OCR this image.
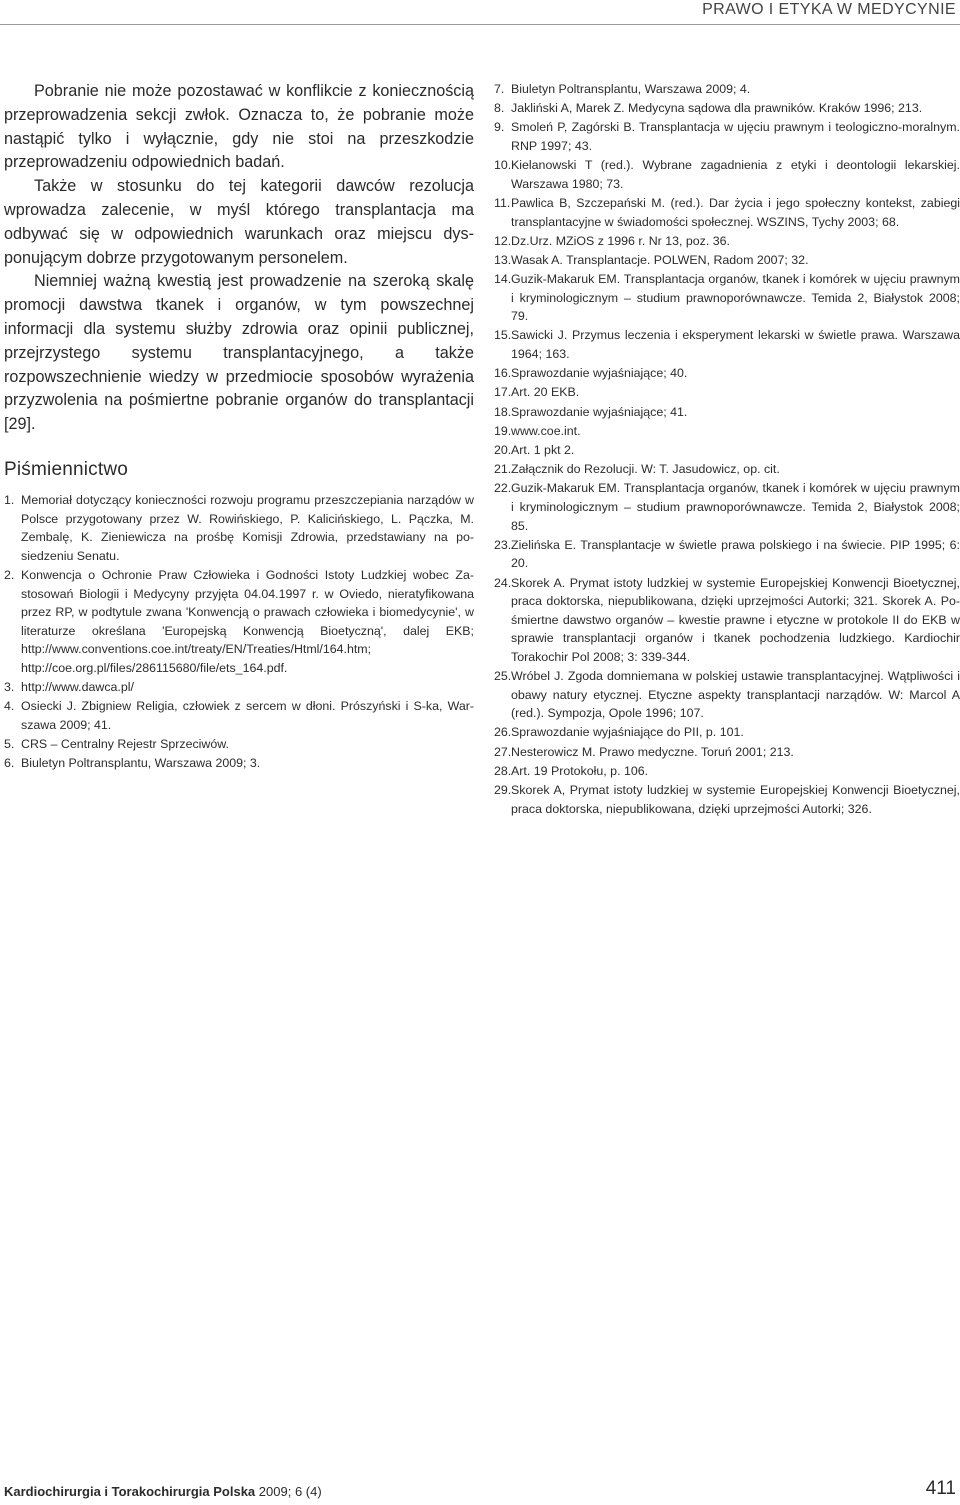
PRAWO I ETYKA W MEDYCYNIE

Pobranie nie może pozostawać w konflikcie z koniecznością przeprowadzenia sekcji zwłok. Oznacza to, że pobranie może nastąpić tylko i wyłącznie, gdy nie stoi na przeszkodzie przeprowadzeniu odpowiednich badań.

Także w stosunku do tej kategorii dawców rezolucja wprowadza zalecenie, w myśl którego transplantacja ma odbywać się w odpowiednich warunkach oraz miejscu dysponującym dobrze przygotowanym personelem.

Niemniej ważną kwestią jest prowadzenie na szeroką skalę promocji dawstwa tkanek i organów, w tym powszechnej informacji dla systemu służby zdrowia oraz opinii publicznej, przejrzystego systemu transplantacyjnego, a także rozpowszechnienie wiedzy w przedmiocie sposobów wyrażenia przyzwolenia na pośmiertne pobranie organów do transplantacji [29].

Piśmiennictwo
1. Memoriał dotyczący konieczności rozwoju programu przeszczepiania narządów w Polsce przygotowany przez W. Rowińskiego, P. Kalicińskiego, L. Pączka, M. Zembalę, K. Zieniewicza na prośbę Komisji Zdrowia, przedstawiany na posiedzeniu Senatu.
2. Konwencja o Ochronie Praw Człowieka i Godności Istoty Ludzkiej wobec Zastosowań Biologii i Medycyny przyjęta 04.04.1997 r. w Oviedo, nieratyfikowana przez RP, w podtytule zwana 'Konwencją o prawach człowieka i biomedycynie', w literaturze określana 'Europejską Konwencją Bioetyczną', dalej EKB; http://www.conventions.coe.int/treaty/EN/Treaties/Html/164.htm; http://coe.org.pl/files/286115680/file/ets_164.pdf.
3. http://www.dawca.pl/
4. Osiecki J. Zbigniew Religia, człowiek z sercem w dłoni. Prószyński i S-ka, Warszawa 2009; 41.
5. CRS – Centralny Rejestr Sprzeciwów.
6. Biuletyn Poltransplantu, Warszawa 2009; 3.
7. Biuletyn Poltransplantu, Warszawa 2009; 4.
8. Jakliński A, Marek Z. Medycyna sądowa dla prawników. Kraków 1996; 213.
9. Smoleń P, Zagórski B. Transplantacja w ujęciu prawnym i teologiczno-moralnym. RNP 1997; 43.
10. Kielanowski T (red.). Wybrane zagadnienia z etyki i deontologii lekarskiej. Warszawa 1980; 73.
11. Pawlica B, Szczepański M. (red.). Dar życia i jego społeczny kontekst, zabiegi transplantacyjne w świadomości społecznej. WSZINS, Tychy 2003; 68.
12. Dz.Urz. MZiOS z 1996 r. Nr 13, poz. 36.
13. Wasak A. Transplantacje. POLWEN, Radom 2007; 32.
14. Guzik-Makaruk EM. Transplantacja organów, tkanek i komórek w ujęciu prawnym i kryminologicznym – studium prawnoporównawcze. Temida 2, Białystok 2008; 79.
15. Sawicki J. Przymus leczenia i eksperyment lekarski w świetle prawa. Warszawa 1964; 163.
16. Sprawozdanie wyjaśniające; 40.
17. Art. 20 EKB.
18. Sprawozdanie wyjaśniające; 41.
19. www.coe.int.
20. Art. 1 pkt 2.
21. Załącznik do Rezolucji. W: T. Jasudowicz, op. cit.
22. Guzik-Makaruk EM. Transplantacja organów, tkanek i komórek w ujęciu prawnym i kryminologicznym – studium prawnoporównawcze. Temida 2, Białystok 2008; 85.
23. Zielińska E. Transplantacje w świetle prawa polskiego i na świecie. PIP 1995; 6: 20.
24. Skorek A. Prymat istoty ludzkiej w systemie Europejskiej Konwencji Bioetycznej, praca doktorska, niepublikowana, dzięki uprzejmości Autorki; 321. Skorek A. Pośmiertne dawstwo organów – kwestie prawne i etyczne w protokole II do EKB w sprawie transplantacji organów i tkanek pochodzenia ludzkiego. Kardiochir Torakochir Pol 2008; 3: 339-344.
25. Wróbel J. Zgoda domniemana w polskiej ustawie transplantacyjnej. Wątpliwości i obawy natury etycznej. Etyczne aspekty transplantacji narządów. W: Marcol A (red.). Sympozja, Opole 1996; 107.
26. Sprawozdanie wyjaśniające do PII, p. 101.
27. Nesterowicz M. Prawo medyczne. Toruń 2001; 213.
28. Art. 19 Protokołu, p. 106.
29. Skorek A, Prymat istoty ludzkiej w systemie Europejskiej Konwencji Bioetycznej, praca doktorska, niepublikowana, dzięki uprzejmości Autorki; 326.
Kardiochirurgia i Torakochirurgia Polska 2009; 6 (4)	411
